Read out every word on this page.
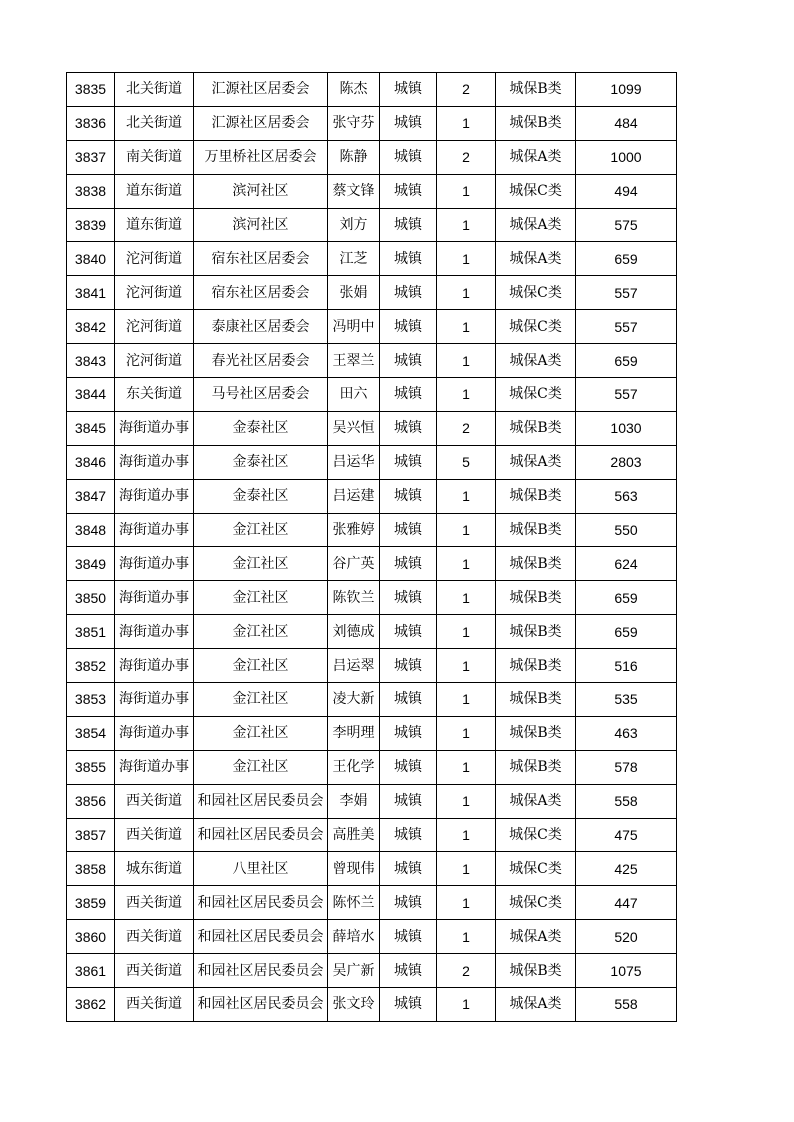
3835	北关街道	汇源社区居委会	陈杰	城镇	2	城保B类	1099
3836	北关街道	汇源社区居委会	张守芬	城镇	1	城保B类	484
3837	南关街道	万里桥社区居委会	陈静	城镇	2	城保A类	1000
3838	道东街道	滨河社区	蔡文锋	城镇	1	城保C类	494
3839	道东街道	滨河社区	刘方	城镇	1	城保A类	575
3840	沱河街道	宿东社区居委会	江芝	城镇	1	城保A类	659
3841	沱河街道	宿东社区居委会	张娟	城镇	1	城保C类	557
3842	沱河街道	泰康社区居委会	冯明中	城镇	1	城保C类	557
3843	沱河街道	春光社区居委会	王翠兰	城镇	1	城保A类	659
3844	东关街道	马号社区居委会	田六	城镇	1	城保C类	557
3845	海街道办事	金泰社区	吴兴恒	城镇	2	城保B类	1030
3846	海街道办事	金泰社区	吕运华	城镇	5	城保A类	2803
3847	海街道办事	金泰社区	吕运建	城镇	1	城保B类	563
3848	海街道办事	金江社区	张雅婷	城镇	1	城保B类	550
3849	海街道办事	金江社区	谷广英	城镇	1	城保B类	624
3850	海街道办事	金江社区	陈钦兰	城镇	1	城保B类	659
3851	海街道办事	金江社区	刘德成	城镇	1	城保B类	659
3852	海街道办事	金江社区	吕运翠	城镇	1	城保B类	516
3853	海街道办事	金江社区	凌大新	城镇	1	城保B类	535
3854	海街道办事	金江社区	李明理	城镇	1	城保B类	463
3855	海街道办事	金江社区	王化学	城镇	1	城保B类	578
3856	西关街道	和园社区居民委员会	李娟	城镇	1	城保A类	558
3857	西关街道	和园社区居民委员会	高胜美	城镇	1	城保C类	475
3858	城东街道	八里社区	曾现伟	城镇	1	城保C类	425
3859	西关街道	和园社区居民委员会	陈怀兰	城镇	1	城保C类	447
3860	西关街道	和园社区居民委员会	薛培水	城镇	1	城保A类	520
3861	西关街道	和园社区居民委员会	吴广新	城镇	2	城保B类	1075
3862	西关街道	和园社区居民委员会	张文玲	城镇	1	城保A类	558
